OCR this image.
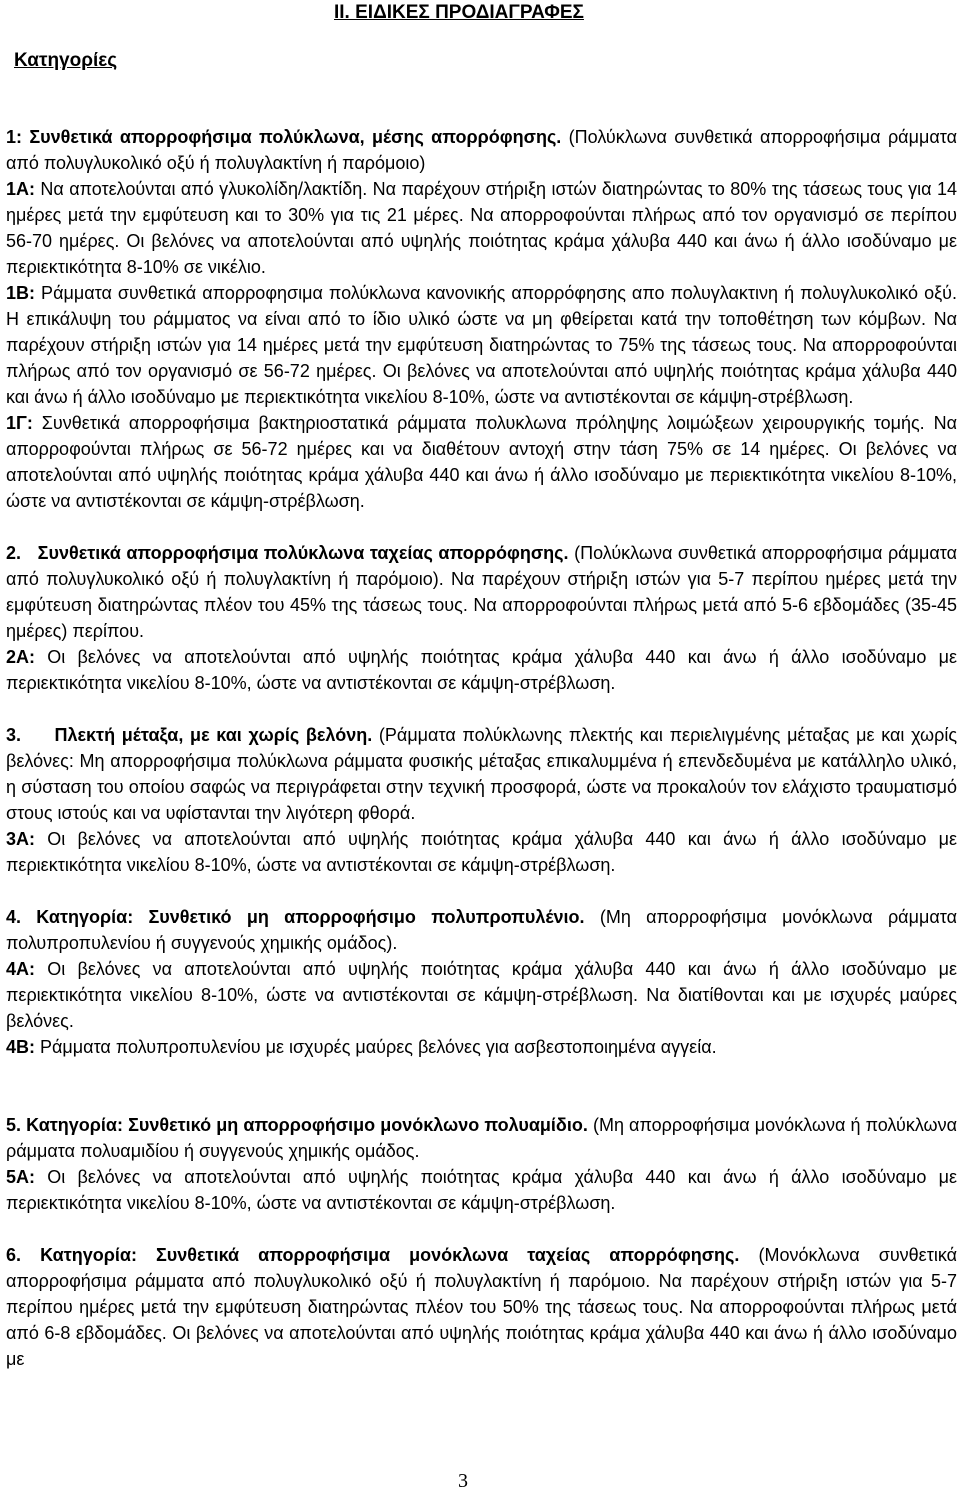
ΙΙ. ΕΙΔΙΚΕΣ ΠΡΟΔΙΑΓΡΑΦΕΣ
Κατηγορίες

1: Συνθετικά απορροφήσιμα πολύκλωνα, μέσης απορρόφησης. (Πολύκλωνα συνθετικά απορροφήσιμα ράμματα από πολυγλυκολικό οξύ ή πολυγλακτίνη ή παρόμοιο)

1Α: Να αποτελούνται από γλυκολίδη/λακτίδη. Να παρέχουν στήριξη ιστών διατηρώντας το 80% της τάσεως τους για 14 ημέρες μετά την εμφύτευση και το 30% για τις 21 μέρες. Να απορροφούνται πλήρως από τον οργανισμό σε περίπου 56-70 ημέρες. Οι βελόνες να αποτελούνται από υψηλής ποιότητας κράμα χάλυβα 440 και άνω ή άλλο ισοδύναμο με περιεκτικότητα 8-10% σε νικέλιο.

1Β: Ράμματα συνθετικά απορροφησιμα πολύκλωνα κανονικής απορρόφησης απο πολυγλακτινη ή πολυγλυκολικό οξύ. Η επικάλυψη του ράμματος να είναι από το ίδιο υλικό ώστε να μη φθείρεται κατά την τοποθέτηση των κόμβων. Να παρέχουν στήριξη ιστών για 14 ημέρες μετά την εμφύτευση διατηρώντας το 75% της τάσεως τους. Να απορροφούνται πλήρως από τον οργανισμό σε 56-72 ημέρες. Οι βελόνες να αποτελούνται από υψηλής ποιότητας κράμα χάλυβα 440 και άνω ή άλλο ισοδύναμο με περιεκτικότητα νικελίου 8-10%, ώστε να αντιστέκονται σε κάμψη-στρέβλωση.

1Γ: Συνθετικά απορροφήσιμα βακτηριοστατικά ράμματα πολυκλωνα πρόληψης λοιμώξεων χειρουργικής τομής. Να απορροφούνται πλήρως σε 56-72 ημέρες και να διαθέτουν αντοχή στην τάση 75% σε 14 ημέρες. Οι βελόνες να αποτελούνται από υψηλής ποιότητας κράμα χάλυβα 440 και άνω ή άλλο ισοδύναμο με περιεκτικότητα νικελίου 8-10%, ώστε να αντιστέκονται σε κάμψη-στρέβλωση.

2.   Συνθετικά απορροφήσιμα πολύκλωνα ταχείας απορρόφησης. (Πολύκλωνα συνθετικά απορροφήσιμα ράμματα από πολυγλυκολικό οξύ ή πολυγλακτίνη ή παρόμοιο). Να παρέχουν στήριξη ιστών για 5-7 περίπου ημέρες μετά την εμφύτευση διατηρώντας πλέον του 45% της τάσεως τους. Να απορροφούνται πλήρως μετά από 5-6 εβδομάδες (35-45 ημέρες) περίπου.

2Α: Οι βελόνες να αποτελούνται από υψηλής ποιότητας κράμα χάλυβα 440 και άνω ή άλλο ισοδύναμο με περιεκτικότητα νικελίου 8-10%, ώστε να αντιστέκονται σε κάμψη-στρέβλωση.

3.     Πλεκτή μέταξα, με και χωρίς βελόνη. (Ράμματα πολύκλωνης πλεκτής και περιελιγμένης μέταξας με και χωρίς βελόνες: Μη απορροφήσιμα πολύκλωνα ράμματα φυσικής μέταξας επικαλυμμένα ή επενδεδυμένα με κατάλληλο υλικό, η σύσταση του οποίου σαφώς να περιγράφεται στην τεχνική προσφορά, ώστε να προκαλούν τον ελάχιστο τραυματισμό στους ιστούς και να υφίστανται την λιγότερη φθορά.

3Α: Οι βελόνες να αποτελούνται από υψηλής ποιότητας κράμα χάλυβα 440 και άνω ή άλλο ισοδύναμο με περιεκτικότητα νικελίου 8-10%, ώστε να αντιστέκονται σε κάμψη-στρέβλωση.

4. Κατηγορία: Συνθετικό μη απορροφήσιμο πολυπροπυλένιο. (Μη απορροφήσιμα μονόκλωνα ράμματα πολυπροπυλενίου ή συγγενούς χημικής ομάδος).

4Α: Οι βελόνες να αποτελούνται από υψηλής ποιότητας κράμα χάλυβα 440 και άνω ή άλλο ισοδύναμο με περιεκτικότητα νικελίου 8-10%, ώστε να αντιστέκονται σε κάμψη-στρέβλωση. Να διατίθονται και με ισχυρές μαύρες βελόνες.

4Β: Ράμματα πολυπροπυλενίου με ισχυρές μαύρες βελόνες για ασβεστοποιημένα αγγεία.

5. Κατηγορία: Συνθετικό μη απορροφήσιμο μονόκλωνο πολυαμίδιο. (Μη απορροφήσιμα μονόκλωνα ή πολύκλωνα ράμματα πολυαμιδίου ή συγγενούς χημικής ομάδος.

5Α: Οι βελόνες να αποτελούνται από υψηλής ποιότητας κράμα χάλυβα 440 και άνω ή άλλο ισοδύναμο με περιεκτικότητα νικελίου 8-10%, ώστε να αντιστέκονται σε κάμψη-στρέβλωση.

6. Κατηγορία: Συνθετικά απορροφήσιμα μονόκλωνα ταχείας απορρόφησης. (Μονόκλωνα συνθετικά απορροφήσιμα ράμματα από πολυγλυκολικό οξύ ή πολυγλακτίνη ή παρόμοιο. Να παρέχουν στήριξη ιστών για 5-7 περίπου ημέρες μετά την εμφύτευση διατηρώντας πλέον του 50% της τάσεως τους. Να απορροφούνται πλήρως μετά από 6-8 εβδομάδες. Οι βελόνες να αποτελούνται από υψηλής ποιότητας κράμα χάλυβα 440 και άνω ή άλλο ισοδύναμο με

3
